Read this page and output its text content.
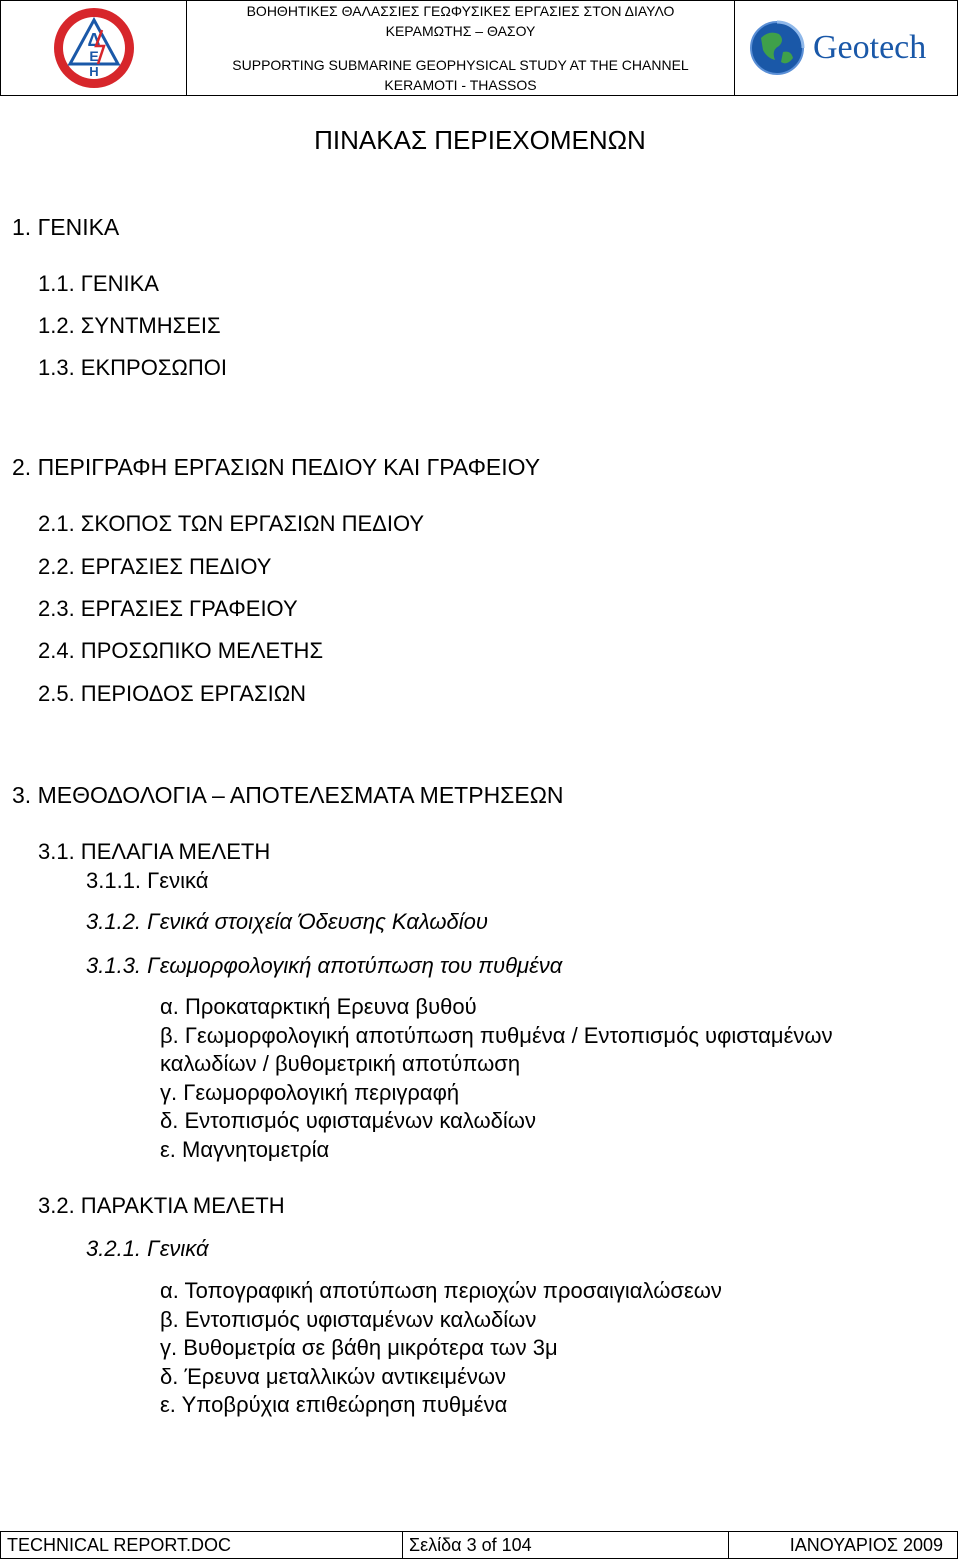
Δ
Ε
Η
ΒΟΗΘΗΤΙΚΕΣ ΘΑΛΑΣΣΙΕΣ ΓΕΩΦΥΣΙΚΕΣ ΕΡΓΑΣΙΕΣ ΣΤΟΝ ΔΙΑΥΛΟ
ΚΕΡΑΜΩΤΗΣ – ΘΑΣΟΥ
SUPPORTING SUBMARINE GEOPHYSICAL STUDY AT THE CHANNEL
KERAMOTI - THASSOS
Geotech
ΠΙΝΑΚΑΣ ΠΕΡΙΕΧΟΜΕΝΩΝ
1. ΓΕΝΙΚΑ
1.1. ΓΕΝΙΚΑ
1.2. ΣΥΝΤΜΗΣΕΙΣ
1.3. ΕΚΠΡΟΣΩΠΟΙ
2. ΠΕΡΙΓΡΑΦΗ ΕΡΓΑΣΙΩΝ ΠΕΔΙΟΥ ΚΑΙ ΓΡΑΦΕΙΟΥ
2.1. ΣΚΟΠΟΣ ΤΩΝ ΕΡΓΑΣΙΩΝ ΠΕΔΙΟΥ
2.2. ΕΡΓΑΣΙΕΣ ΠΕΔΙΟΥ
2.3. ΕΡΓΑΣΙΕΣ ΓΡΑΦΕΙΟΥ
2.4. ΠΡΟΣΩΠΙΚΟ ΜΕΛΕΤΗΣ
2.5. ΠΕΡΙΟΔΟΣ ΕΡΓΑΣΙΩΝ
3. ΜΕΘΟΔΟΛΟΓΙΑ – ΑΠΟΤΕΛΕΣΜΑΤΑ ΜΕΤΡΗΣΕΩΝ
3.1. ΠΕΛΑΓΙΑ ΜΕΛΕΤΗ
3.1.1. Γενικά
3.1.2. Γενικά στοιχεία Όδευσης Καλωδίου
3.1.3. Γεωμορφολογική αποτύπωση του πυθμένα
α. Προκαταρκτική Ερευνα βυθού
β. Γεωμορφολογική αποτύπωση πυθμένα / Εντοπισμός υφισταμένων
καλωδίων / βυθομετρική αποτύπωση
γ. Γεωμορφολογική περιγραφή
δ. Εντοπισμός υφισταμένων καλωδίων
ε. Μαγνητομετρία
3.2. ΠΑΡΑΚΤΙΑ ΜΕΛΕΤΗ
3.2.1. Γενικά
α. Τοπογραφική αποτύπωση περιοχών προσαιγιαλώσεων
β. Εντοπισμός υφισταμένων καλωδίων
γ. Βυθομετρία σε βάθη μικρότερα των 3μ
δ. Έρευνα μεταλλικών αντικειμένων
ε. Υποβρύχια επιθεώρηση πυθμένα
TECHNICAL REPORT.DOC	Σελίδα 3 of 104	ΙΑΝΟΥΑΡΙΟΣ 2009
